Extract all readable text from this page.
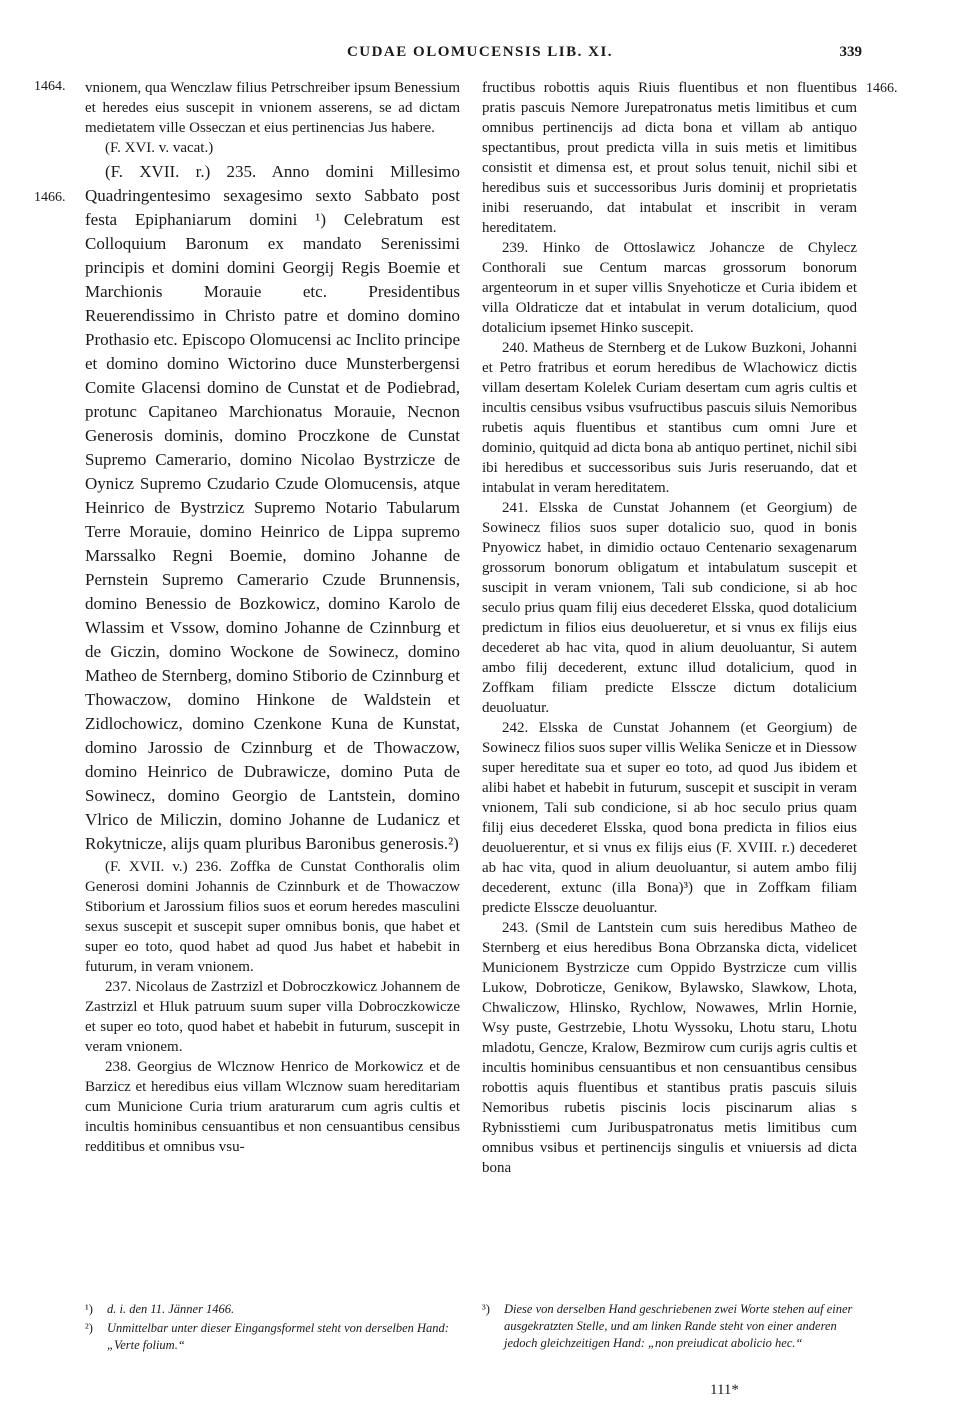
CUDAE OLOMUCENSIS LIB. XI.	339
1464.
1466.
1466.

vnionem, qua Wenczlaw filius Petrschreiber ipsum Benessium et heredes eius suscepit in vnionem asserens, se ad dictam medietatem ville Osseczan et eius pertinencias Jus habere.

(F. XVI. v. vacat.)

(F. XVII. r.) 235. Anno domini Millesimo Quadringentesimo sexagesimo sexto Sabbato post festa Epiphaniarum domini ¹) Celebratum est Colloquium Baronum ex mandato Serenissimi principis et domini domini Georgij Regis Boemie et Marchionis Morauie etc. Presidentibus Reuerendissimo in Christo patre et domino domino Prothasio etc. Episcopo Olomucensi ac Inclito principe et domino domino Wictorino duce Munsterbergensi Comite Glacensi domino de Cunstat et de Podiebrad, protunc Capitaneo Marchionatus Morauie, Necnon Generosis dominis, domino Proczkone de Cunstat Supremo Camerario, domino Nicolao Bystrzicze de Oynicz Supremo Czudario Czude Olomucensis, atque Heinrico de Bystrzicz Supremo Notario Tabularum Terre Morauie, domino Heinrico de Lippa supremo Marssalko Regni Boemie, domino Johanne de Pernstein Supremo Camerario Czude Brunnensis, domino Benessio de Bozkowicz, domino Karolo de Wlassim et Vssow, domino Johanne de Czinnburg et de Giczin, domino Wockone de Sowinecz, domino Matheo de Sternberg, domino Stiborio de Czinnburg et Thowaczow, domino Hinkone de Waldstein et Zidlochowicz, domino Czenkone Kuna de Kunstat, domino Jarossio de Czinnburg et de Thowaczow, domino Heinrico de Dubrawicze, domino Puta de Sowinecz, domino Georgio de Lantstein, domino Vlrico de Miliczin, domino Johanne de Ludanicz et Rokytnicze, alijs quam pluribus Baronibus generosis.²)

(F. XVII. v.) 236. Zoffka de Cunstat Conthoralis olim Generosi domini Johannis de Czinnburk et de Thowaczow Stiborium et Jarossium filios suos et eorum heredes masculini sexus suscepit et suscepit super omnibus bonis, que habet et super eo toto, quod habet ad quod Jus habet et habebit in futurum, in veram vnionem.

237. Nicolaus de Zastrzizl et Dobroczkowicz Johannem de Zastrzizl et Hluk patruum suum super villa Dobroczkowicze et super eo toto, quod habet et habebit in futurum, suscepit in veram vnionem.

238. Georgius de Wlcznow Henrico de Morkowicz et de Barzicz et heredibus eius villam Wlcznow suam hereditariam cum Municione Curia trium araturarum cum agris cultis et incultis hominibus censuantibus et non censuantibus censibus redditibus et omnibus vsu-

fructibus robottis aquis Riuis fluentibus et non fluentibus pratis pascuis Nemore Jurepatronatus metis limitibus et cum omnibus pertinencijs ad dicta bona et villam ab antiquo spectantibus, prout predicta villa in suis metis et limitibus consistit et dimensa est, et prout solus tenuit, nichil sibi et heredibus suis et successoribus Juris dominij et proprietatis inibi reseruando, dat intabulat et inscribit in veram hereditatem.

239. Hinko de Ottoslawicz Johancze de Chylecz Conthorali sue Centum marcas grossorum bonorum argenteorum in et super villis Snyehoticze et Curia ibidem et villa Oldraticze dat et intabulat in verum dotalicium, quod dotalicium ipsemet Hinko suscepit.

240. Matheus de Sternberg et de Lukow Buzkoni, Johanni et Petro fratribus et eorum heredibus de Wlachowicz dictis villam desertam Kolelek Curiam desertam cum agris cultis et incultis censibus vsibus vsufructibus pascuis siluis Nemoribus rubetis aquis fluentibus et stantibus cum omni Jure et dominio, quitquid ad dicta bona ab antiquo pertinet, nichil sibi ibi heredibus et successoribus suis Juris reseruando, dat et intabulat in veram hereditatem.

241. Elsska de Cunstat Johannem (et Georgium) de Sowinecz filios suos super dotalicio suo, quod in bonis Pnyowicz habet, in dimidio octauo Centenario sexagenarum grossorum bonorum obligatum et intabulatum suscepit et suscipit in veram vnionem, Tali sub condicione, si ab hoc seculo prius quam filij eius decederet Elsska, quod dotalicium predictum in filios eius deuolueretur, et si vnus ex filijs eius decederet ab hac vita, quod in alium deuoluantur, Si autem ambo filij decederent, extunc illud dotalicium, quod in Zoffkam filiam predicte Elssсze dictum dotalicium deuoluatur.

242. Elsska de Cunstat Johannem (et Georgium) de Sowinecz filios suos super villis Welika Senicze et in Diessow super hereditate sua et super eo toto, ad quod Jus ibidem et alibi habet et habebit in futurum, suscepit et suscipit in veram vnionem, Tali sub condicione, si ab hoc seculo prius quam filij eius decederet Elsska, quod bona predicta in filios eius deuoluerentur, et si vnus ex filijs eius (F. XVIII. r.) decederet ab hac vita, quod in alium deuoluantur, si autem ambo filij decederent, extunc (illa Bona)³) que in Zoffkam filiam predicte Elssсze deuoluantur.

243. (Smil de Lantstein cum suis heredibus Matheo de Sternberg et eius heredibus Bona Obrzanska dicta, videlicet Municionem Bystrzicze cum Oppido Bystrzicze cum villis Lukow, Dobroticze, Genikow, Bylawsko, Slawkow, Lhota, Chwaliczow, Hlinsko, Rychlow, Nowawes, Mrlin Hornie, Wsy puste, Gestrzebie, Lhotu Wyssoku, Lhotu staru, Lhotu mladotu, Gencze, Kralow, Bezmirow cum curijs agris cultis et incultis hominibus censuantibus et non censuantibus censibus robottis aquis fluentibus et stantibus pratis pascuis siluis Nemoribus rubetis piscinis locis piscinarum alias s Rybnisstiemi cum Juribuspatronatus metis limitibus cum omnibus vsibus et pertinencijs singulis et vniuersis ad dicta bona

¹) d. i. den 11. Jänner 1466.

²) Unmittelbar unter dieser Eingangsformel steht von derselben Hand: „Verte folium.“

³) Diese von derselben Hand geschriebenen zwei Worte stehen auf einer ausgekratzten Stelle, und am linken Rande steht von einer anderen jedoch gleichzeitigen Hand: „non preiudicat abolicio hec.“

111*
